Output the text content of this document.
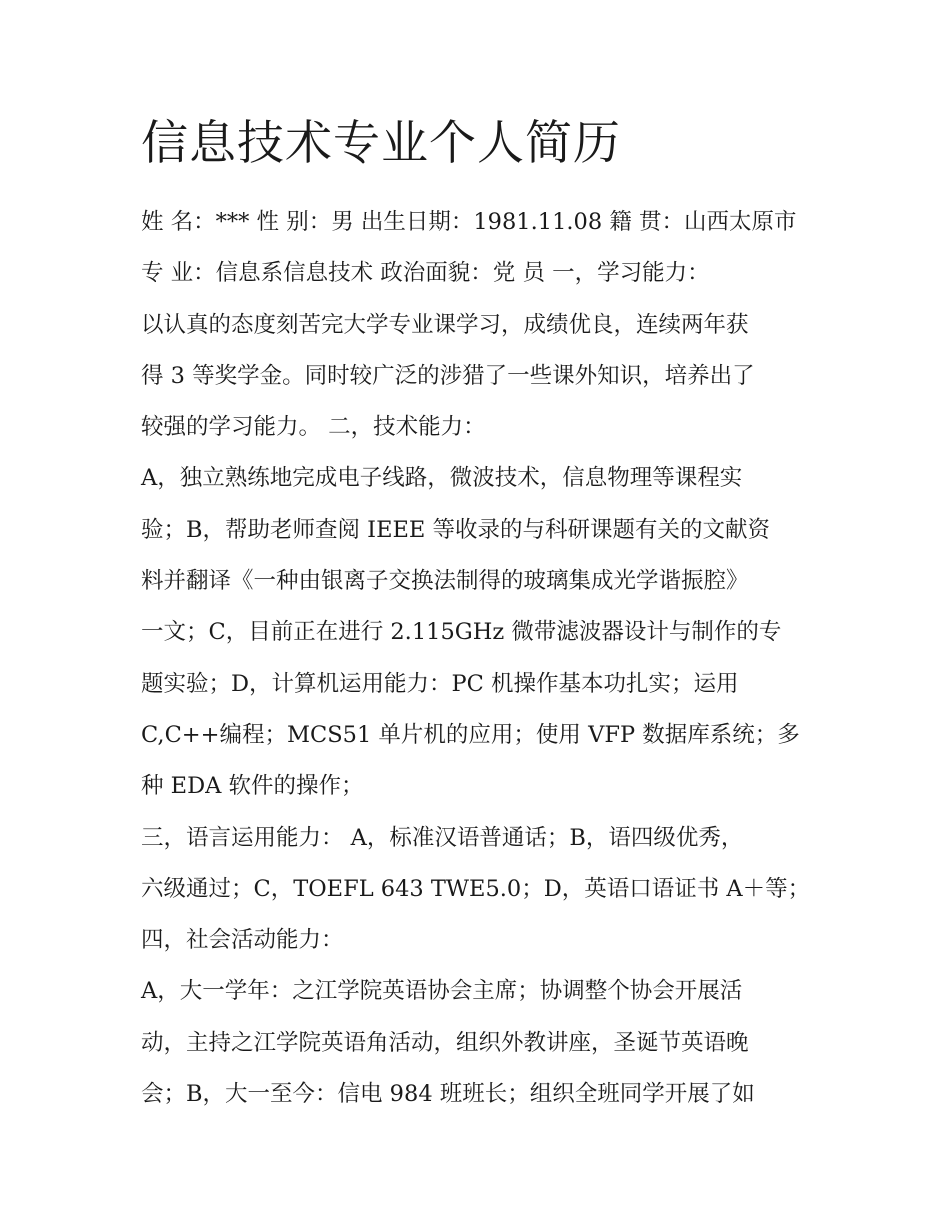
信息技术专业个人简历
姓 名：*** 性 别：男 出生日期：1981.11.08 籍 贯：山西太原市
专 业：信息系信息技术 政治面貌：党 员 一，学习能力：
以认真的态度刻苦完大学专业课学习，成绩优良，连续两年获
得 3 等奖学金。同时较广泛的涉猎了一些课外知识，培养出了
较强的学习能力。 二，技术能力：
A，独立熟练地完成电子线路，微波技术，信息物理等课程实
验；B，帮助老师查阅 IEEE 等收录的与科研课题有关的文献资
料并翻译《一种由银离子交换法制得的玻璃集成光学谐振腔》
一文；C，目前正在进行 2.115GHz 微带滤波器设计与制作的专
题实验；D，计算机运用能力：PC 机操作基本功扎实；运用
C,C++编程；MCS51 单片机的应用；使用 VFP 数据库系统；多
种 EDA 软件的操作；
三，语言运用能力： A，标准汉语普通话；B，语四级优秀，
六级通过；C，TOEFL 643 TWE5.0；D，英语口语证书 A＋等；
四，社会活动能力：
A，大一学年：之江学院英语协会主席；协调整个协会开展活
动，主持之江学院英语角活动，组织外教讲座，圣诞节英语晚
会；B，大一至今：信电 984 班班长；组织全班同学开展了如
